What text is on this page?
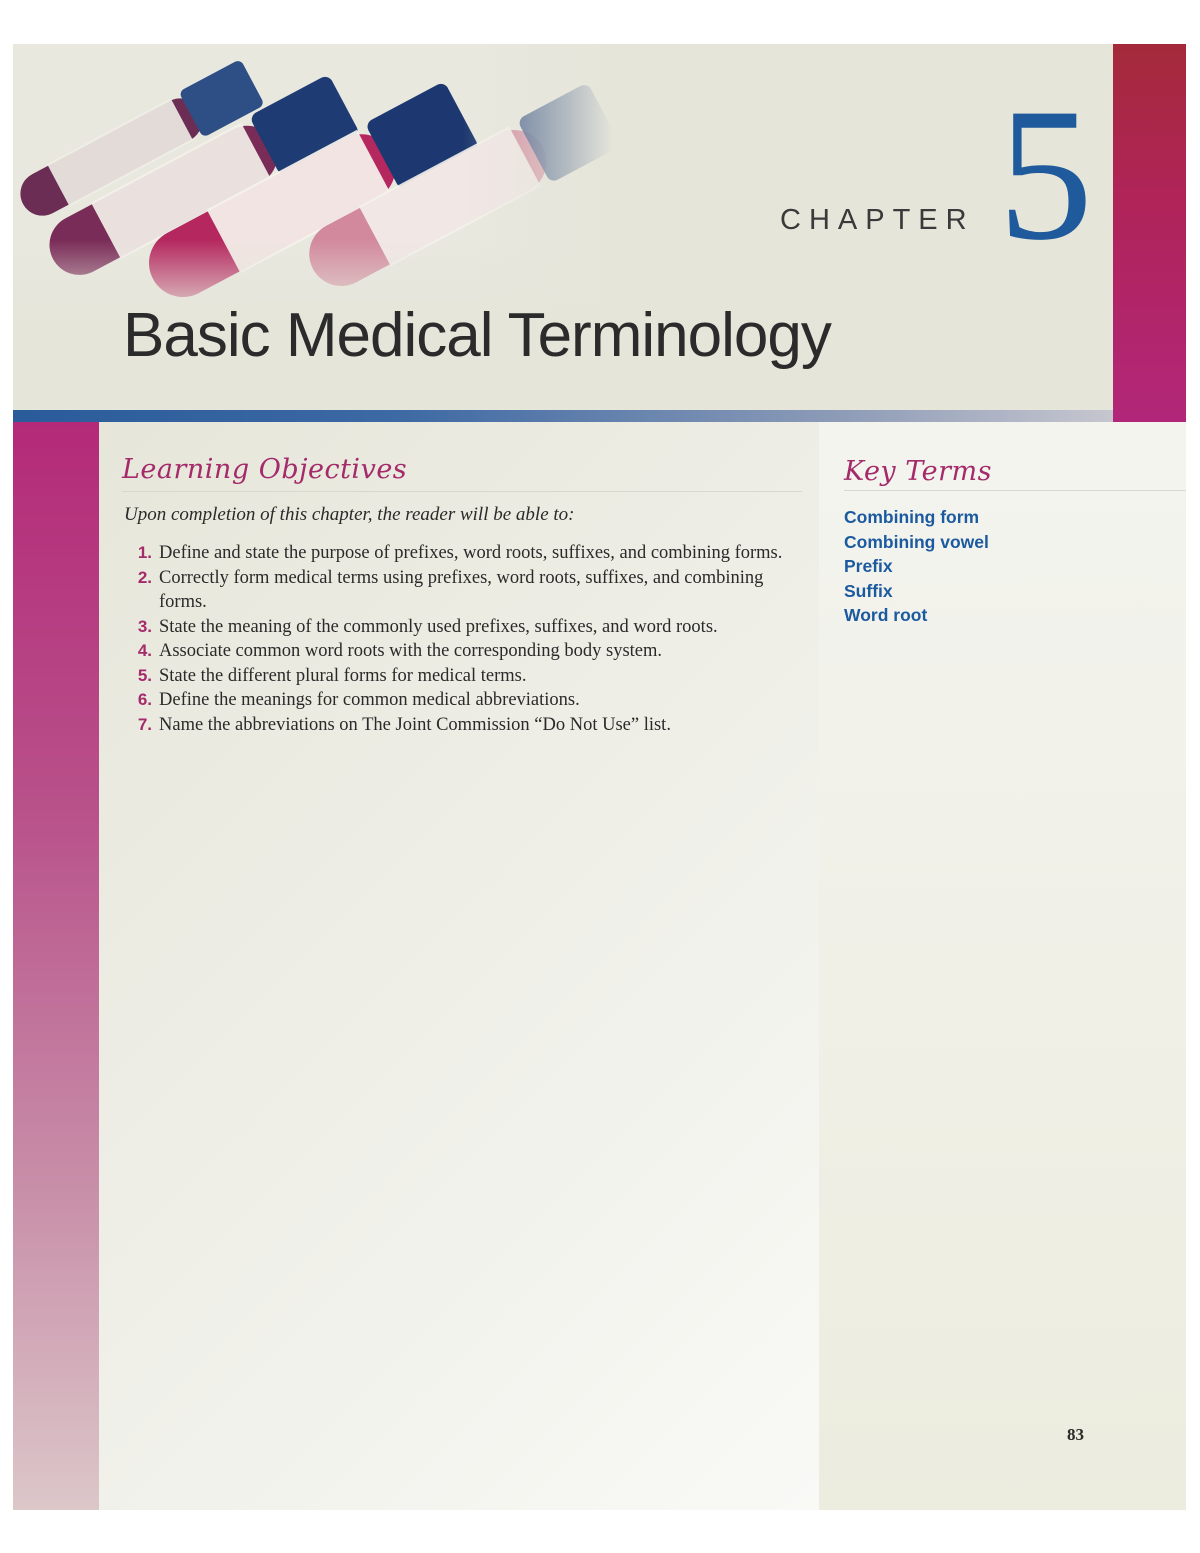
CHAPTER 5
Basic Medical Terminology
Learning Objectives
Upon completion of this chapter, the reader will be able to:
1. Define and state the purpose of prefixes, word roots, suffixes, and combining forms.
2. Correctly form medical terms using prefixes, word roots, suffixes, and combining forms.
3. State the meaning of the commonly used prefixes, suffixes, and word roots.
4. Associate common word roots with the corresponding body system.
5. State the different plural forms for medical terms.
6. Define the meanings for common medical abbreviations.
7. Name the abbreviations on The Joint Commission “Do Not Use” list.
Key Terms
Combining form
Combining vowel
Prefix
Suffix
Word root
83
